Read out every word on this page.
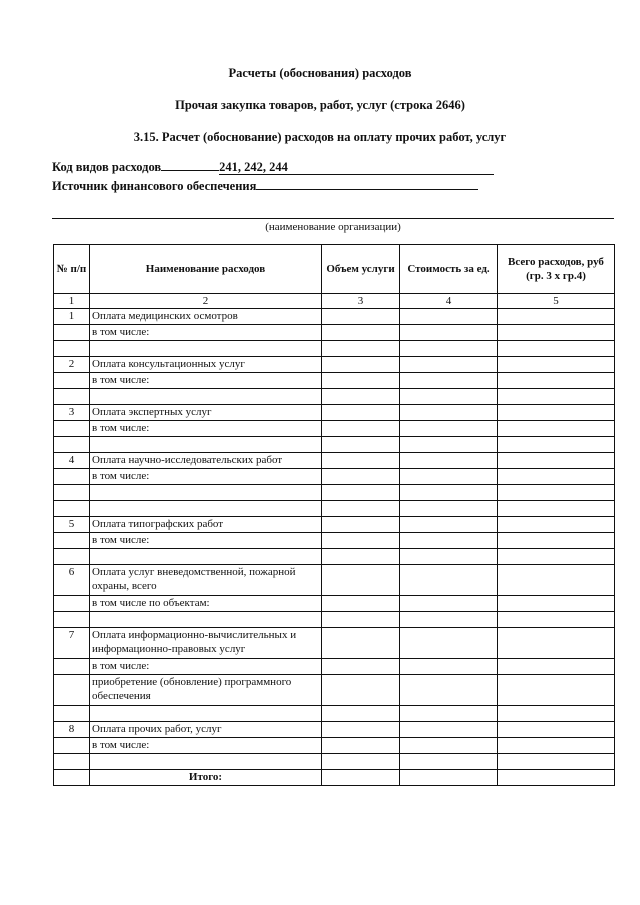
Расчеты (обоснования) расходов
Прочая закупка товаров, работ, услуг (строка 2646)
3.15. Расчет (обоснование) расходов на оплату прочих работ, услуг
Код видов расходов	241, 242, 244
Источник финансового обеспечения
(наименование организации)
№ п/п	Наименование расходов	Объем услуги	Стоимость за ед.	Всего расходов, руб (гр. 3 х гр.4)
1	2	3	4	5
1	Оплата медицинских осмотров			
	в том числе:			

2	Оплата консультационных услуг			
	в том числе:			

3	Оплата экспертных услуг			
	в том числе:			

4	Оплата научно-исследовательских работ			
	в том числе:			

5	Оплата типографских работ			
	в том числе:			

6	Оплата услуг вневедомственной, пожарной охраны, всего			
	в том числе по объектам:			

7	Оплата информационно-вычислительных и информационно-правовых услуг			
	в том числе:			
	приобретение (обновление) программного обеспечения			

8	Оплата прочих работ, услуг			
	в том числе:			

	Итого:			
